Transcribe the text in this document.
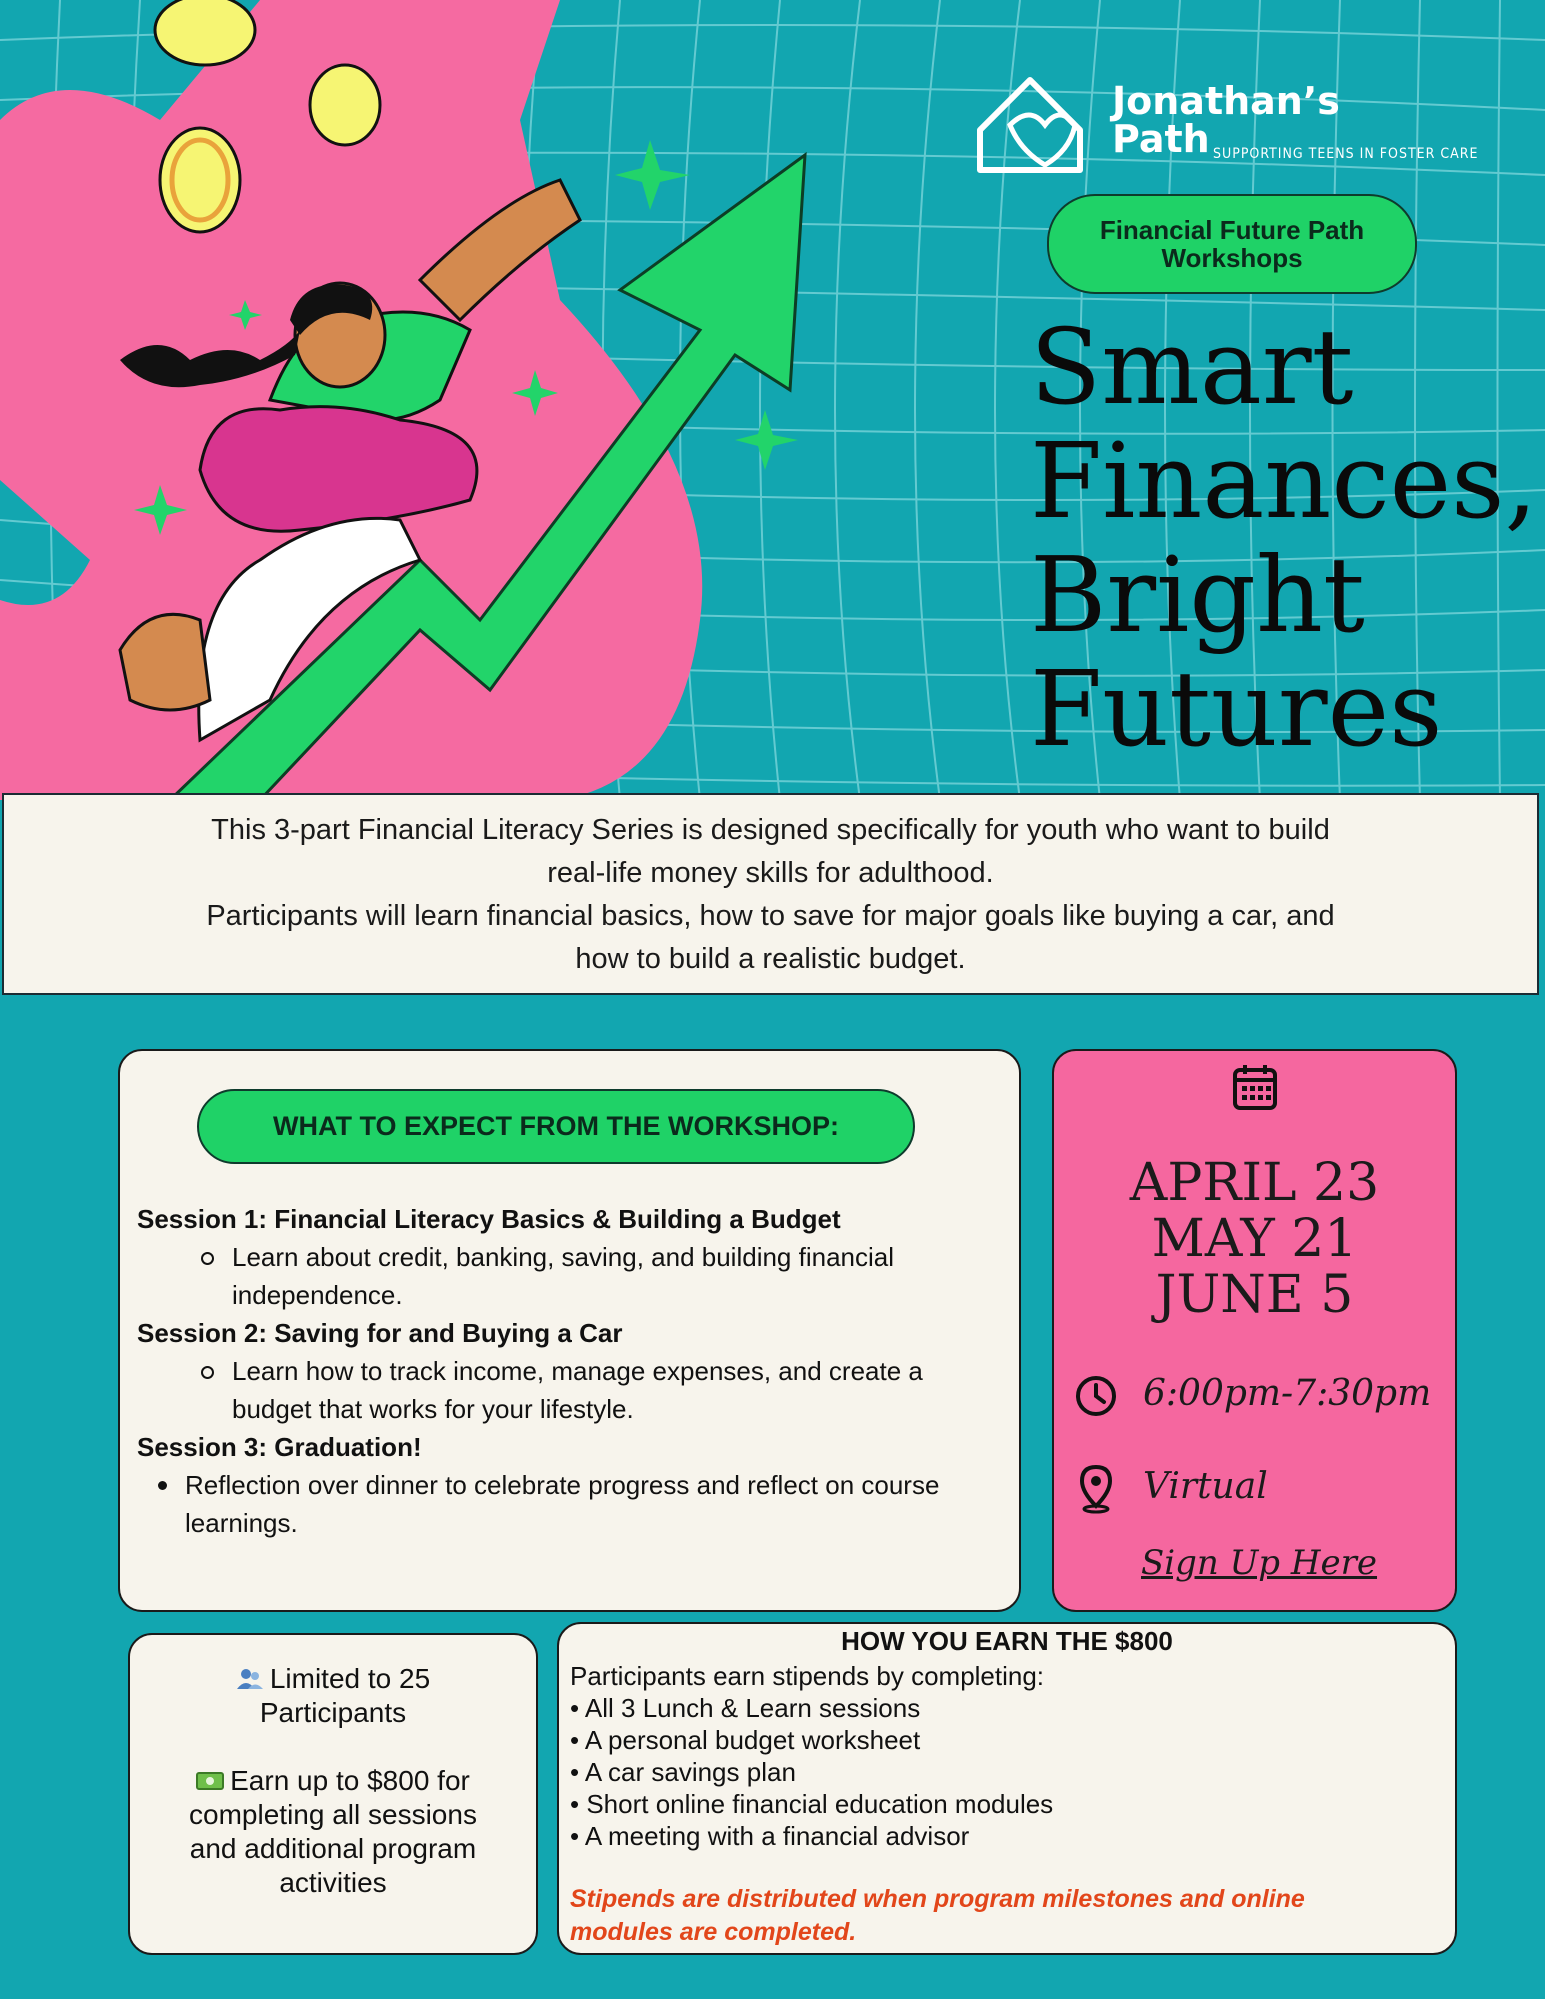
Jonathan’s
Path SUPPORTING TEENS IN FOSTER CARE
Financial Future Path
Workshops
Smart
Finances,
Bright
Futures
This 3-part Financial Literacy Series is designed specifically for youth who want to build
real-life money skills for adulthood.
Participants will learn financial basics, how to save for major goals like buying a car, and
how to build a realistic budget.
WHAT TO EXPECT FROM THE WORKSHOP:
Session 1: Financial Literacy Basics & Building a Budget
Learn about credit, banking, saving, and building financial independence.
Session 2: Saving for and Buying a Car
Learn how to track income, manage expenses, and create a budget that works for your lifestyle.
Session 3: Graduation!
Reflection over dinner to celebrate progress and reflect on course learnings.
APRIL 23
MAY 21
JUNE 5
6:00pm-7:30pm
Virtual
Sign Up Here
Limited to 25
Participants
Earn up to $800 for
completing all sessions
and additional program
activities
HOW YOU EARN THE $800
Participants earn stipends by completing:
• All 3 Lunch & Learn sessions
• A personal budget worksheet
• A car savings plan
• Short online financial education modules
• A meeting with a financial advisor
Stipends are distributed when program milestones and online modules are completed.
